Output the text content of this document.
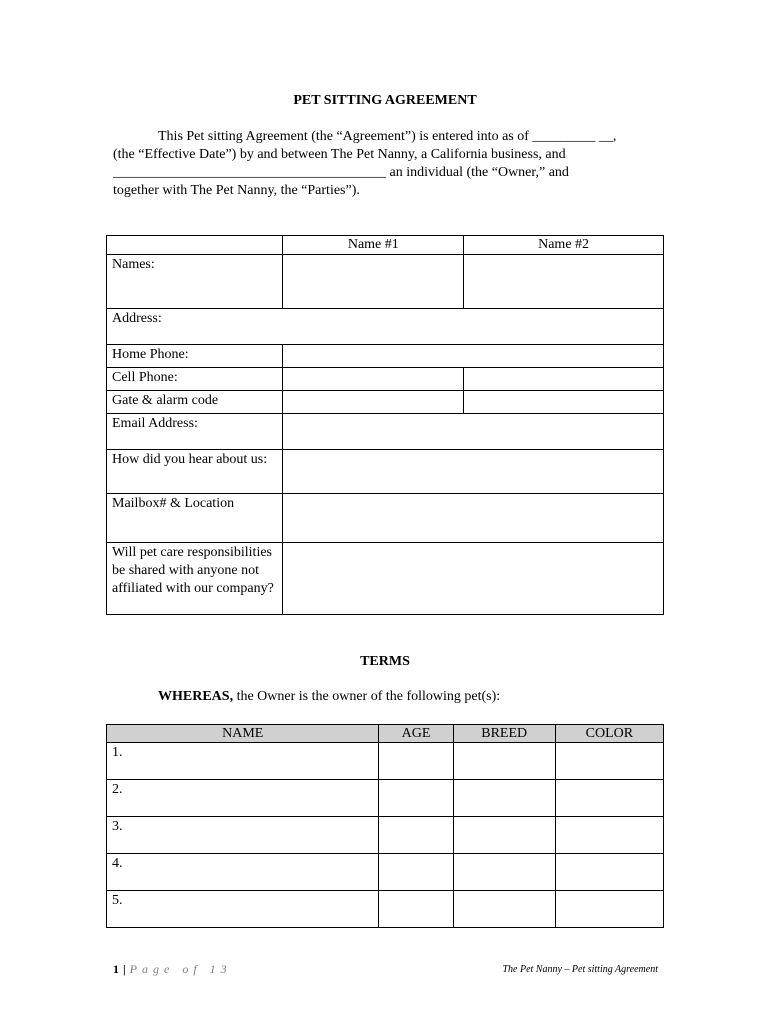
PET SITTING AGREEMENT
This Pet sitting Agreement (the “Agreement”) is entered into as of _________ __,
(the “Effective Date”) by and between The Pet Nanny, a California business, and
_______________________________________ an individual (the “Owner,” and
together with The Pet Nanny, the “Parties”).
	Name #1	Name #2
Names:		
Address:		
Home Phone:		
Cell Phone:		
Gate & alarm code		
Email Address:		
How did you hear about us:		
Mailbox# & Location		
Will pet care responsibilities be shared with anyone not affiliated with our company?		
TERMS
WHEREAS, the Owner is the owner of the following pet(s):
NAME	AGE	BREED	COLOR
1.			
2.			
3.			
4.			
5.			
1 | Page of 13	The Pet Nanny – Pet sitting Agreement
